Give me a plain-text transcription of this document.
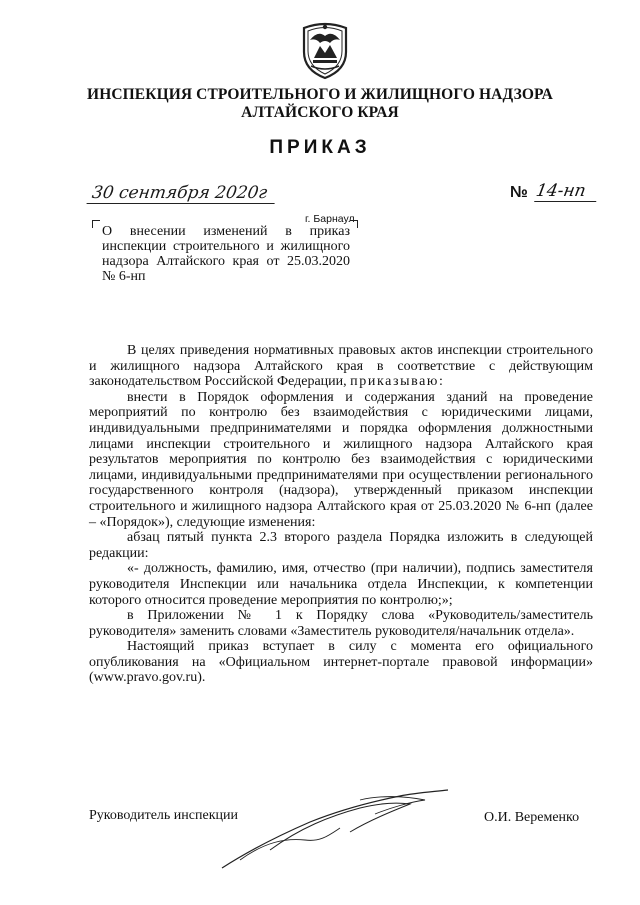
ИНСПЕКЦИЯ СТРОИТЕЛЬНОГО И ЖИЛИЩНОГО НАДЗОРА
АЛТАЙСКОГО КРАЯ
ПРИКАЗ
30 сентября 2020г	№ 14-нп
г. Барнаул

О внесении изменений в приказ инспекции строительного и жилищного надзора Алтайского края от 25.03.2020 № 6-нп

В целях приведения нормативных правовых актов инспекции строительного и жилищного надзора Алтайского края в соответствие с действующим законодательством Российской Федерации, приказываю:

внести в Порядок оформления и содержания зданий на проведение мероприятий по контролю без взаимодействия с юридическими лицами, индивидуальными предпринимателями и порядка оформления должностными лицами инспекции строительного и жилищного надзора Алтайского края результатов мероприятия по контролю без взаимодействия с юридическими лицами, индивидуальными предпринимателями при осуществлении регионального государственного контроля (надзора), утвержденный приказом инспекции строительного и жилищного надзора Алтайского края от 25.03.2020 № 6-нп (далее – «Порядок»), следующие изменения:

абзац пятый пункта 2.3 второго раздела Порядка изложить в следующей редакции:

«- должность, фамилию, имя, отчество (при наличии), подпись заместителя руководителя Инспекции или начальника отдела Инспекции, к компетенции которого относится проведение мероприятия по контролю;»;

в Приложении № 1 к Порядку слова «Руководитель/заместитель руководителя» заменить словами «Заместитель руководителя/начальник отдела».

Настоящий приказ вступает в силу с момента его официального опубликования на «Официальном интернет-портале правовой информации» (www.pravo.gov.ru).

Руководитель инспекции	О.И. Веременко
